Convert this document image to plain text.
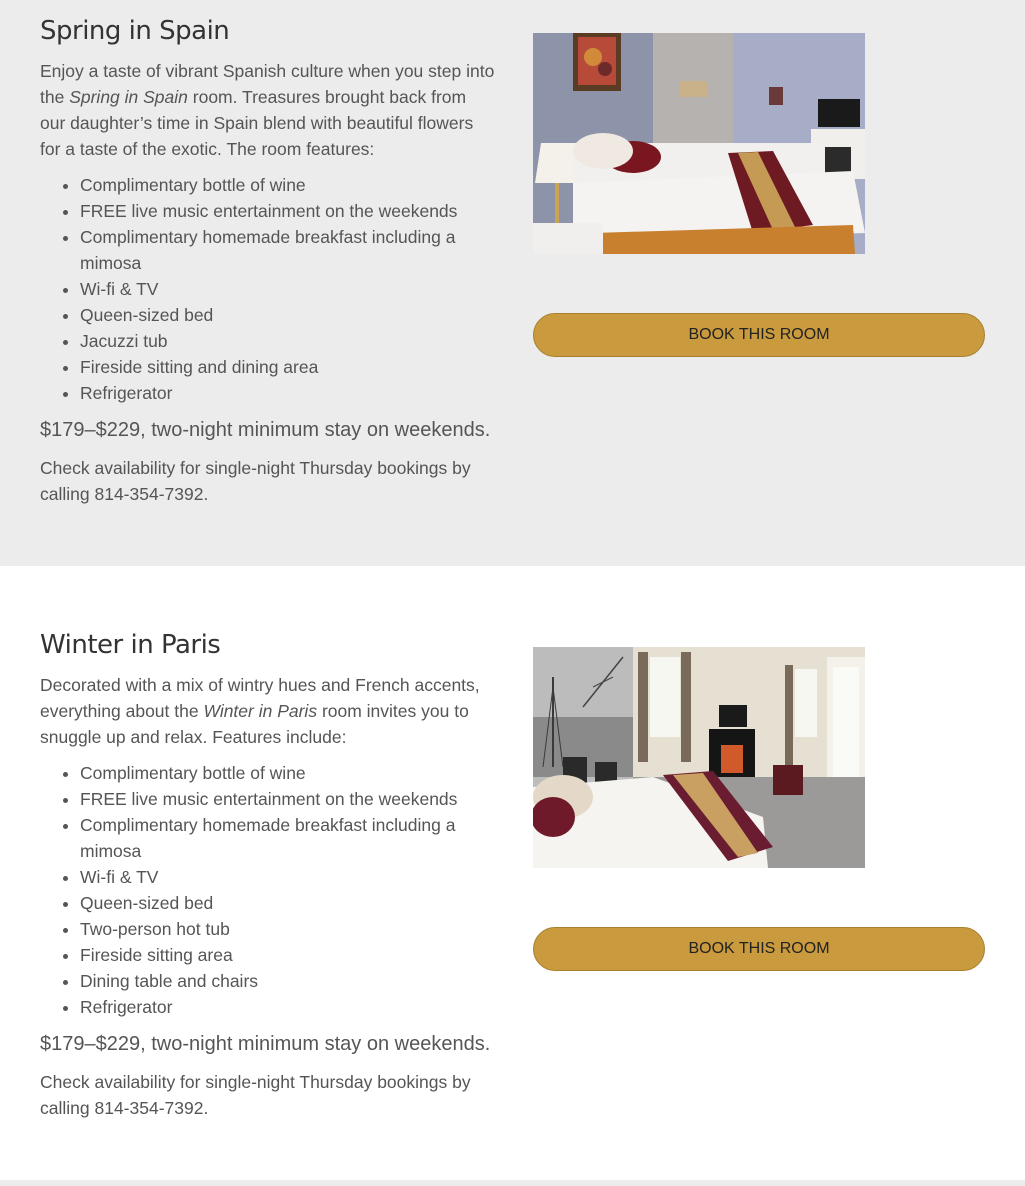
Spring in Spain

Enjoy a taste of vibrant Spanish culture when you step into the Spring in Spain room. Treasures brought back from our daughter’s time in Spain blend with beautiful flowers for a taste of the exotic. The room features:

• Complimentary bottle of wine
• FREE live music entertainment on the weekends
• Complimentary homemade breakfast including a mimosa
• Wi-fi & TV
• Queen-sized bed
• Jacuzzi tub
• Fireside sitting and dining area
• Refrigerator

$179–$229, two-night minimum stay on weekends.

Check availability for single-night Thursday bookings by calling 814-354-7392.

BOOK THIS ROOM
Winter in Paris

Decorated with a mix of wintry hues and French accents, everything about the Winter in Paris room invites you to snuggle up and relax. Features include:

• Complimentary bottle of wine
• FREE live music entertainment on the weekends
• Complimentary homemade breakfast including a mimosa
• Wi-fi & TV
• Queen-sized bed
• Two-person hot tub
• Fireside sitting area
• Dining table and chairs
• Refrigerator

$179–$229, two-night minimum stay on weekends.

Check availability for single-night Thursday bookings by calling 814-354-7392.

BOOK THIS ROOM
